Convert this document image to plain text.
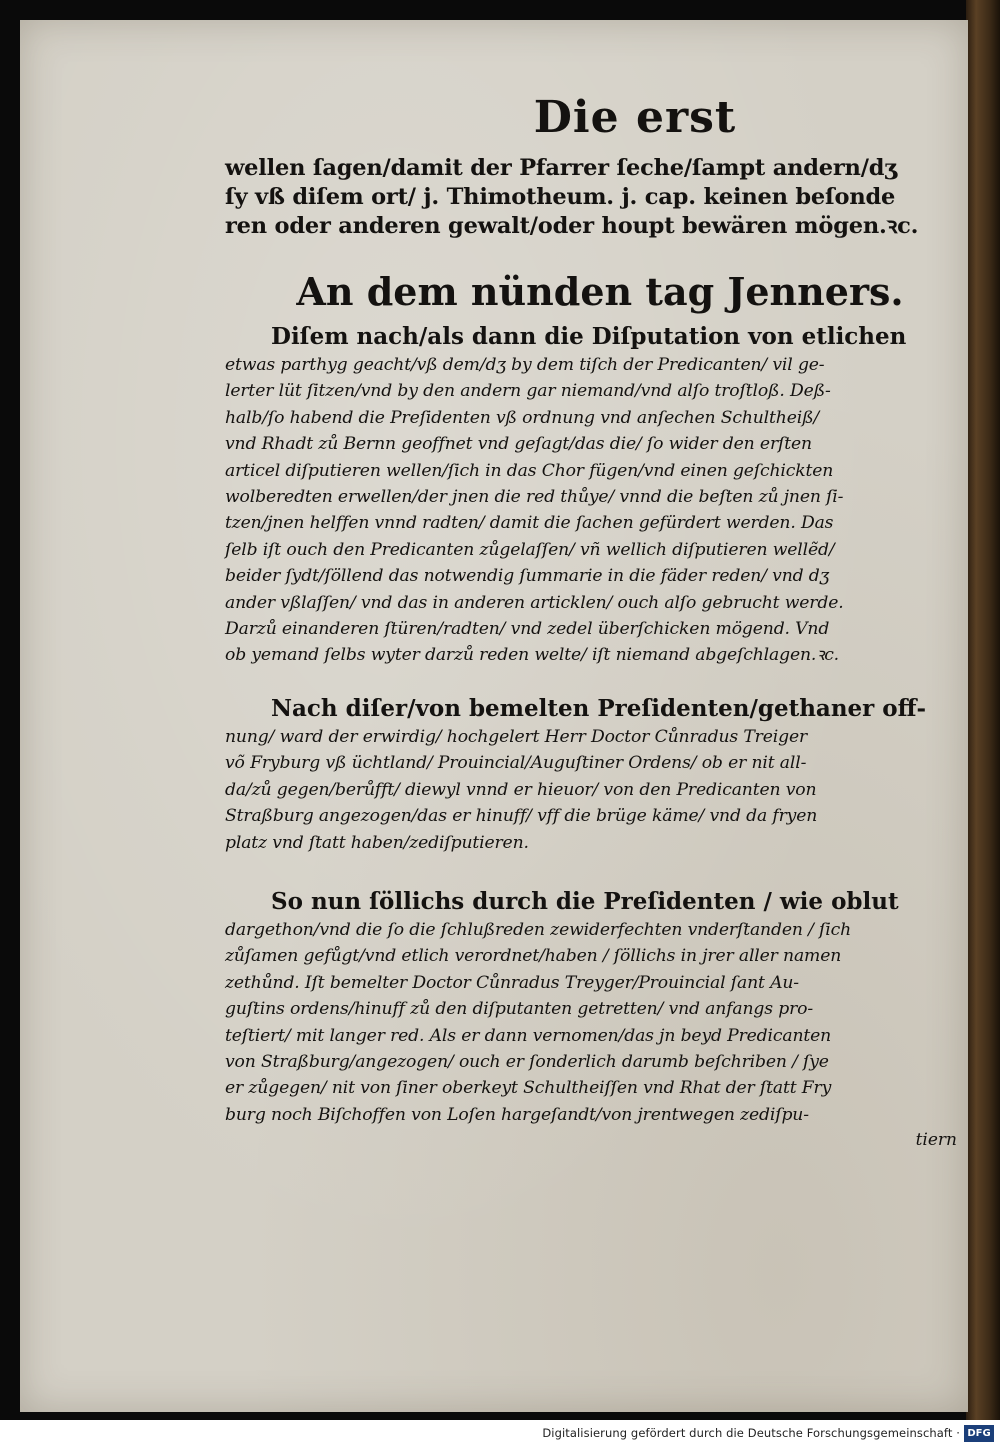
Die erst
wellen ſagen/damit der Pfarrer ſeche/ſampt andern/dʒ
ſy vß diſem ort/ j. Thimotheum. j. cap. keinen beſonde
ren oder anderen gewalt/oder houpt bewären mögen.ꝛc.
An dem nünden tag Jenners.
Diſem nach/als dann die Diſputation von etlichen
etwas parthyg geacht/vß dem/dʒ by dem tiſch der Predicanten/ vil ge-
lerter lüt ſitzen/vnd by den andern gar niemand/vnd alſo troſtloß. Deß-
halb/ſo habend die Preſidenten vß ordnung vnd anſechen Schultheiß/
vnd Rhadt zů Bernn geoffnet vnd geſagt/das die/ ſo wider den erſten
articel diſputieren wellen/ſich in das Chor fügen/vnd einen geſchickten
wolberedten erwellen/der jnen die red thůye/ vnnd die beſten zů jnen ſi-
tzen/jnen helffen vnnd radten/ damit die ſachen gefürdert werden. Das
ſelb iſt ouch den Predicanten zůgelaſſen/ vñ wellich diſputieren wellẽd/
beider ſydt/ſöllend das notwendig ſummarie in die fäder reden/ vnd dʒ
ander vßlaſſen/ vnd das in anderen articklen/ ouch alſo gebrucht werde.
Darzů einanderen ſtüren/radten/ vnd zedel überſchicken mögend. Vnd
ob yemand ſelbs wyter darzů reden welte/ iſt niemand abgeſchlagen.ꝛc.
Nach diſer/von bemelten Preſidenten/gethaner off-
nung/ ward der erwirdig/ hochgelert Herr Doctor Cůnradus Treiger
võ Fryburg vß üchtland/ Prouincial/Auguſtiner Ordens/ ob er nit all-
da/zů gegen/berůfft/ diewyl vnnd er hieuor/ von den Predicanten von
Straßburg angezogen/das er hinuff/ vff die brüge käme/ vnd da fryen
platz vnd ſtatt haben/zediſputieren.
So nun ſöllichs durch die Preſidenten / wie oblut
dargethon/vnd die ſo die ſchlußreden zewiderfechten vnderſtanden / ſich
zůſamen gefůgt/vnd etlich verordnet/haben / ſöllichs in jrer aller namen
zethůnd. Iſt bemelter Doctor Cůnradus Treyger/Prouincial ſant Au-
guſtins ordens/hinuff zů den diſputanten getretten/ vnd anfangs pro-
teſtiert/ mit langer red. Als er dann vernomen/das jn beyd Predicanten
von Straßburg/angezogen/ ouch er ſonderlich darumb beſchriben / ſye
er zůgegen/ nit von ſiner oberkeyt Schultheiſſen vnd Rhat der ſtatt Fry
burg noch Biſchoffen von Loſen hargeſandt/von jrentwegen zediſpu-
tiern
Digitalisierung gefördert durch die Deutsche Forschungsgemeinschaft · DFG
